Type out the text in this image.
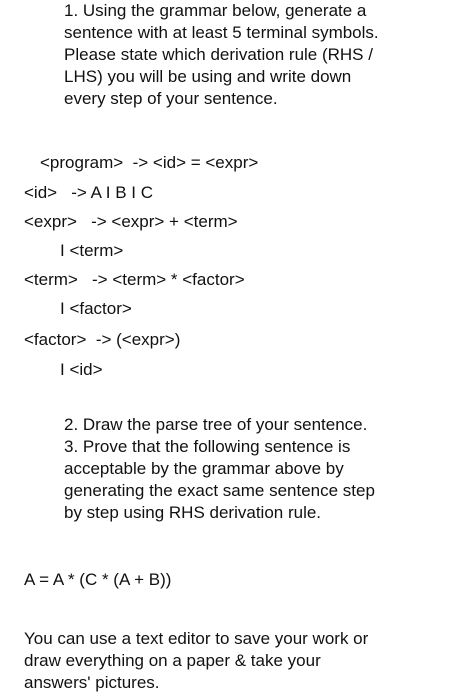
1. Using the grammar below, generate a
sentence with at least 5 terminal symbols.
Please state which derivation rule (RHS /
LHS) you will be using and write down
every step of your sentence.

<program>  -> <id> = <expr>

<id>   -> A I B I C

<expr>   -> <expr> + <term>

I <term>

<term>   -> <term> * <factor>

I <factor>

<factor>  -> (<expr>)

I <id>

2. Draw the parse tree of your sentence.
3. Prove that the following sentence is
acceptable by the grammar above by
generating the exact same sentence step
by step using RHS derivation rule.

A = A * (C * (A + B))

You can use a text editor to save your work or
draw everything on a paper & take your
answers' pictures.
